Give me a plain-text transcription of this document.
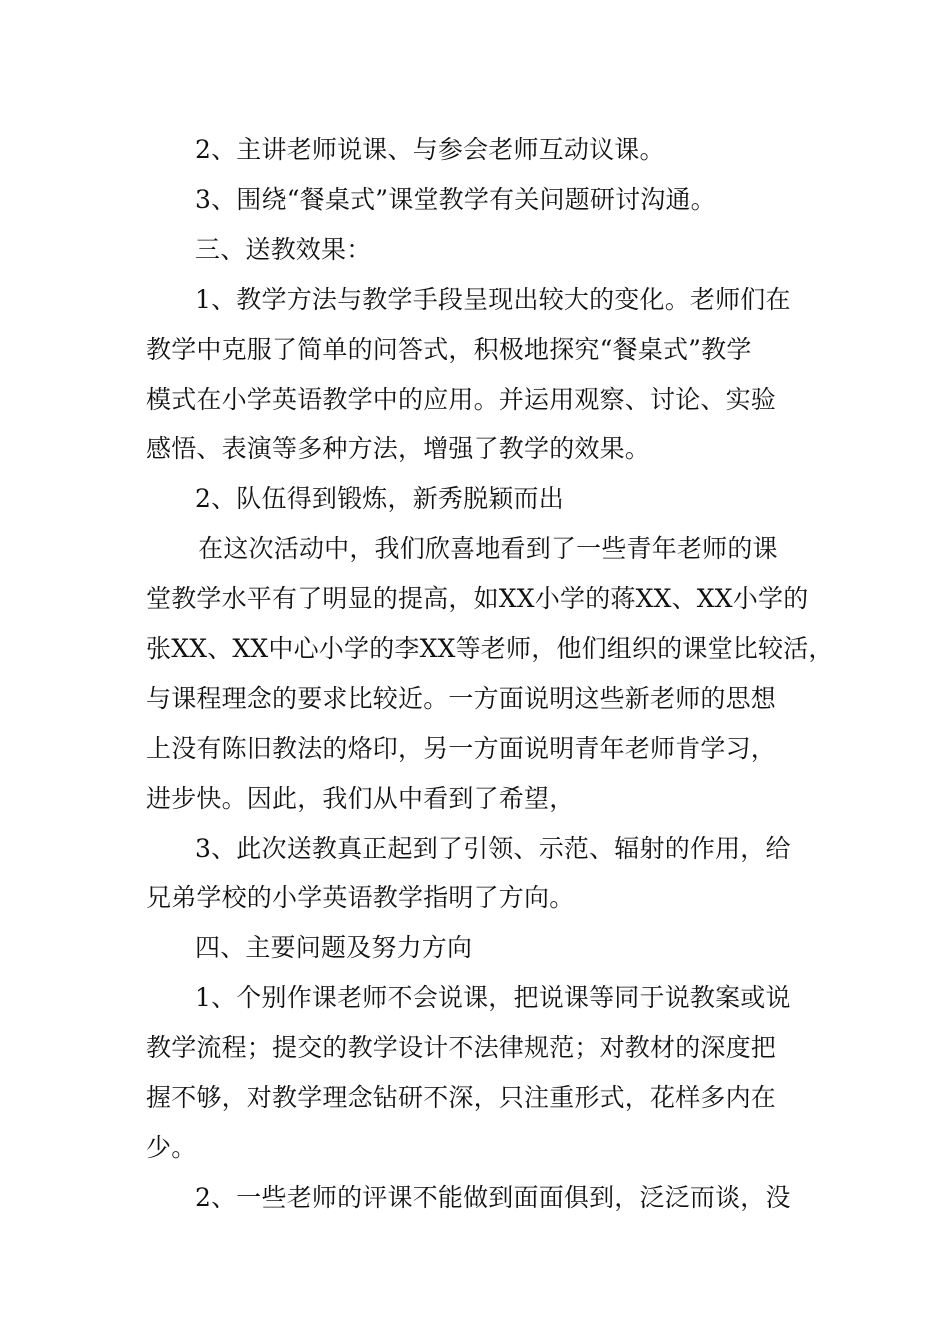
2、主讲老师说课、与参会老师互动议课。
3、围绕“餐桌式”课堂教学有关问题研讨沟通。
三、送教效果：
1、教学方法与教学手段呈现出较大的变化。老师们在
教学中克服了简单的问答式，积极地探究“餐桌式”教学
模式在小学英语教学中的应用。并运用观察、讨论、实验
感悟、表演等多种方法，增强了教学的效果。
2、队伍得到锻炼，新秀脱颖而出
在这次活动中，我们欣喜地看到了一些青年老师的课
堂教学水平有了明显的提高，如XX小学的蒋XX、XX小学的
张XX、XX中心小学的李XX等老师，他们组织的课堂比较活，
与课程理念的要求比较近。一方面说明这些新老师的思想
上没有陈旧教法的烙印，另一方面说明青年老师肯学习，
进步快。因此，我们从中看到了希望，
3、此次送教真正起到了引领、示范、辐射的作用，给
兄弟学校的小学英语教学指明了方向。
四、主要问题及努力方向
1、个别作课老师不会说课，把说课等同于说教案或说
教学流程；提交的教学设计不法律规范；对教材的深度把
握不够，对教学理念钻研不深，只注重形式，花样多内在
少。
2、一些老师的评课不能做到面面俱到，泛泛而谈，没
